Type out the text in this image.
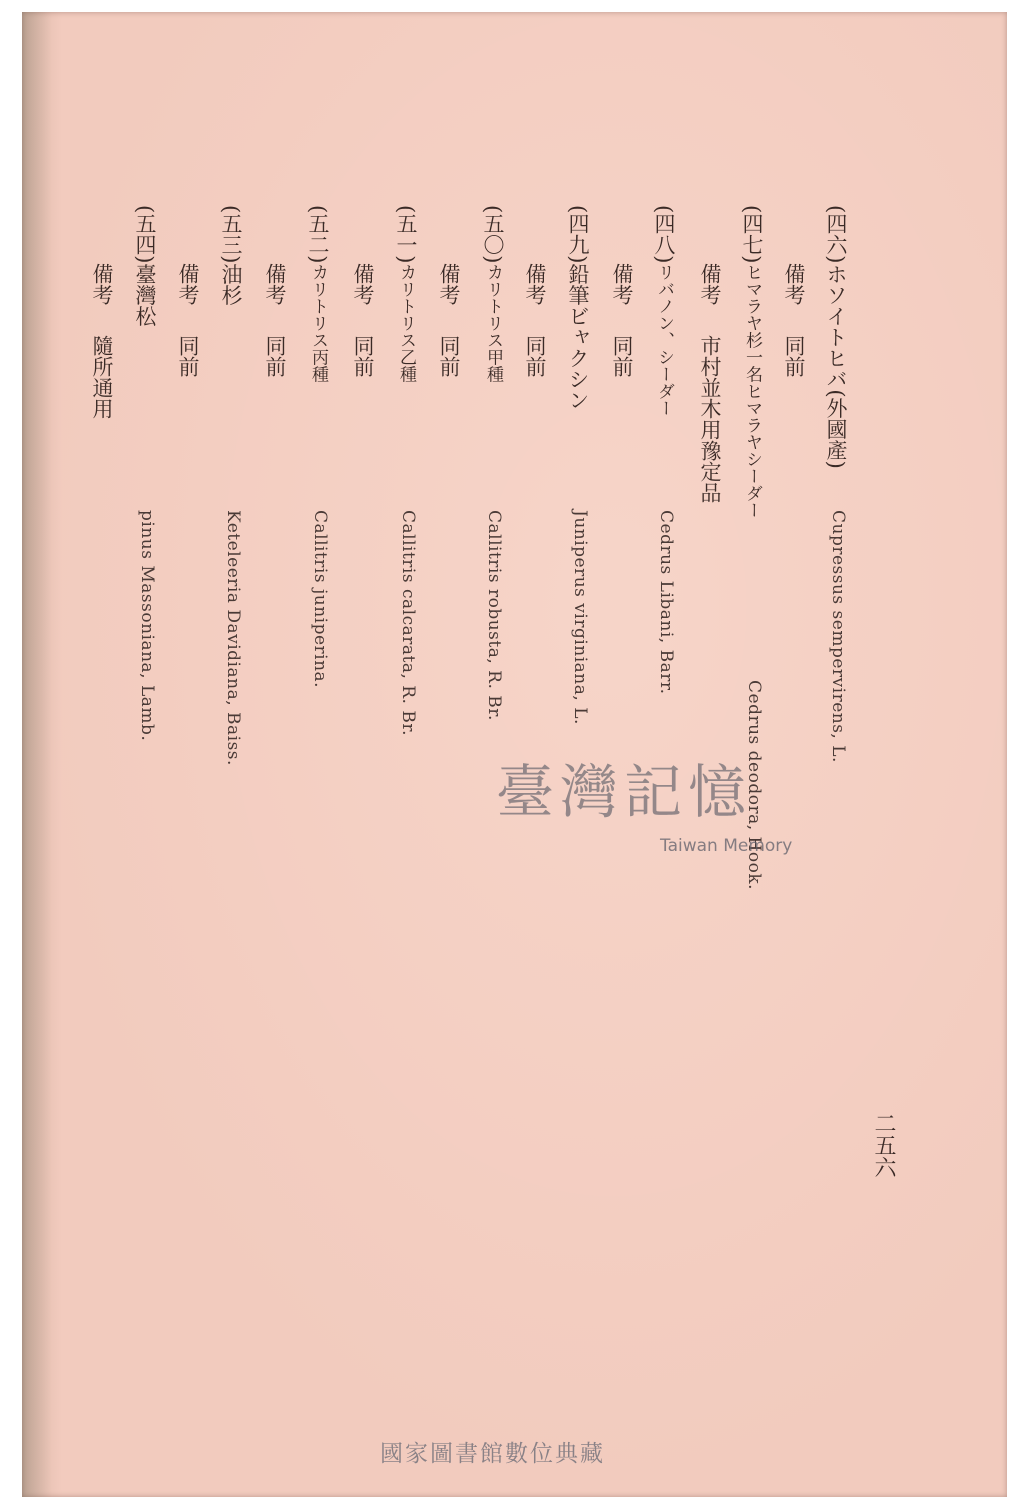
(四六)ホソイトヒバ(外國產)
Cupressus sempervirens, L.
備考同前
(四七)ヒマラヤ杉一名ヒマラヤシーダー
Cedrus deodora, Hook.
備考市村並木用豫定品
(四八)リバノン、シーダー
Cedrus Libani, Barr.
備考同前
(四九)鉛筆ビャクシン
Juniperus virginiana, L.
備考同前
(五〇)カリトリス甲種
Callitris robusta, R. Br.
備考同前
(五一)カリトリス乙種
Callitris calcarata, R. Br.
備考同前
(五二)カリトリス丙種
Callitris juniperina.
備考同前
(五三)油杉
Keteleeria Davidiana, Baiss.
備考同前
(五四)臺灣松
pinus Massoniana, Lamb.
備考隨所通用
二五六
臺灣記憶
Taiwan Memory
國家圖書館數位典藏
